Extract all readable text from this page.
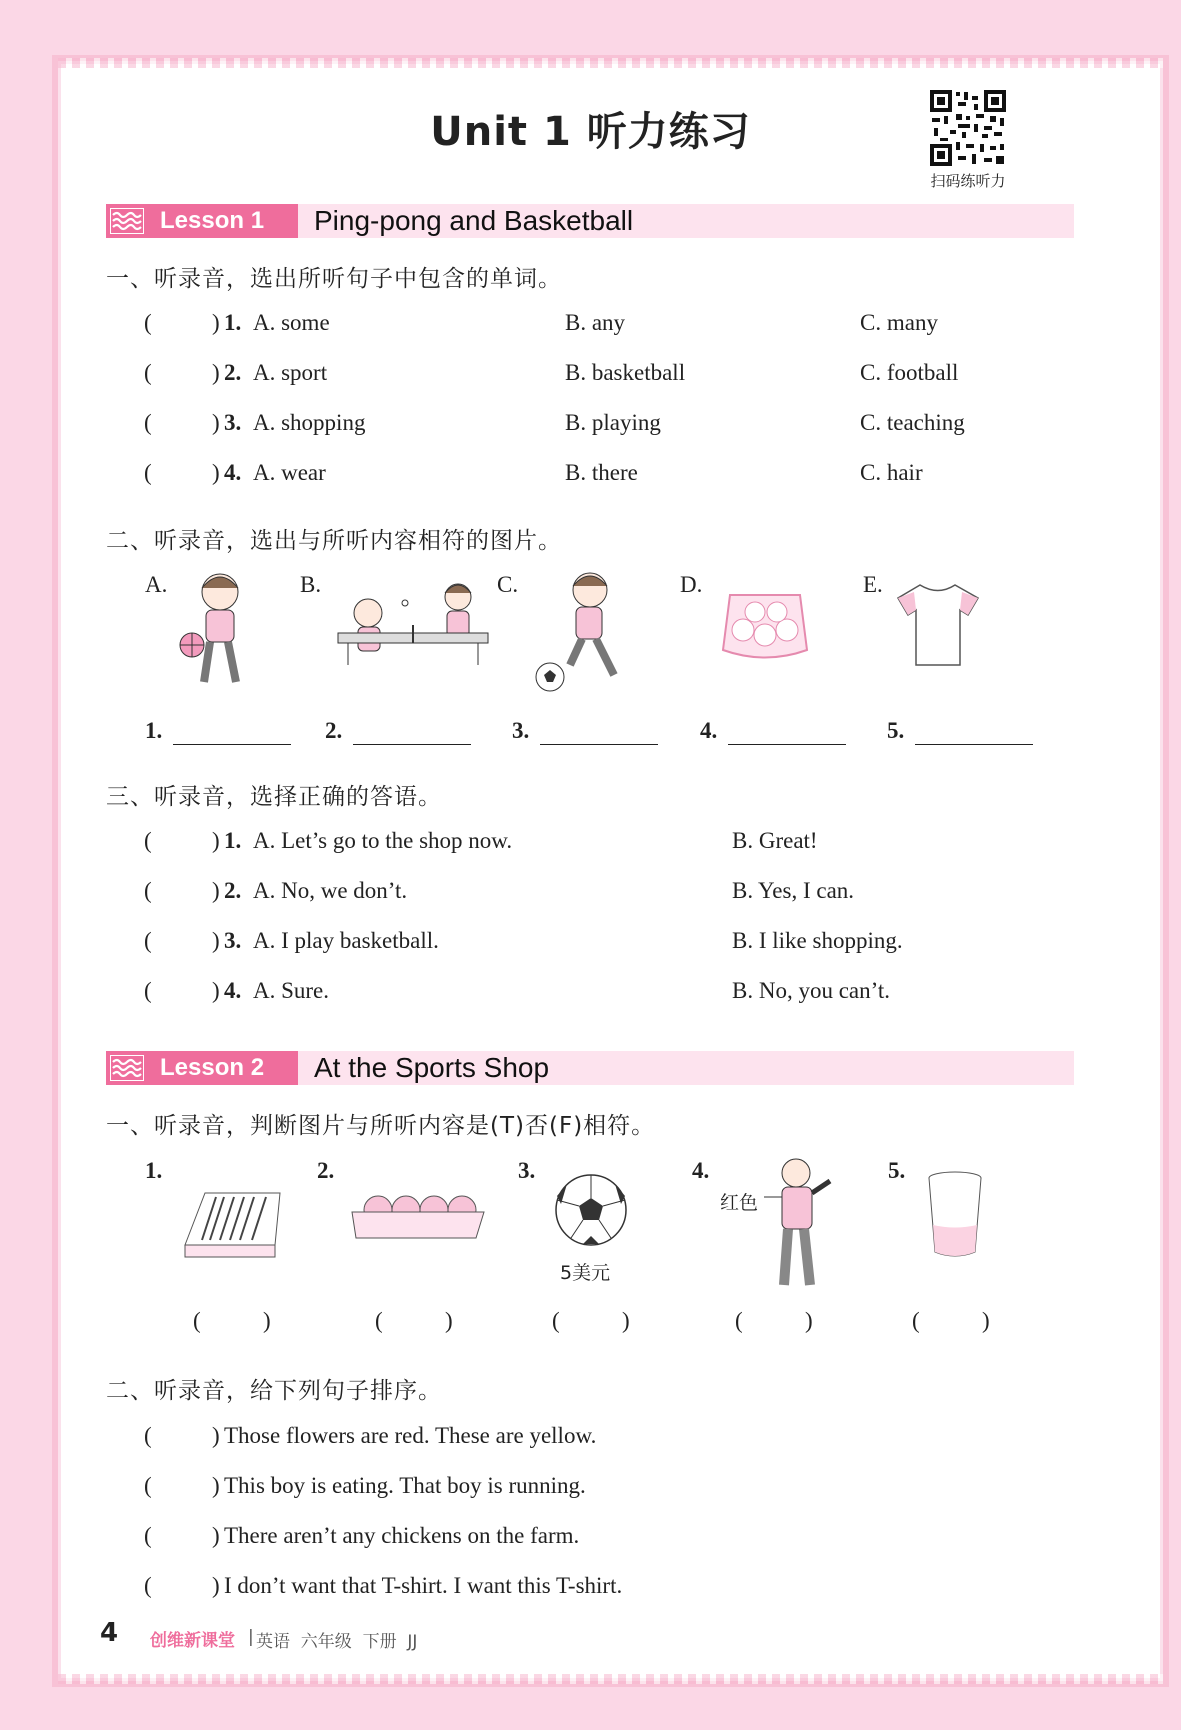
Unit 1 听力练习
扫码练听力
Lesson 1 Ping-pong and Basketball
一、听录音，选出所听句子中包含的单词。
(	) 1. A. some	B. any	C. many
(	) 2. A. sport	B. basketball	C. football
(	) 3. A. shopping	B. playing	C. teaching
(	) 4. A. wear	B. there	C. hair
二、听录音，选出与所听内容相符的图片。
A.	B.	C.	D.	E.
1.	2.	3.	4.	5.
三、听录音，选择正确的答语。
(	) 1. A. Let’s go to the shop now.	B. Great!
(	) 2. A. No, we don’t.	B. Yes, I can.
(	) 3. A. I play basketball.	B. I like shopping.
(	) 4. A. Sure.	B. No, you can’t.
Lesson 2 At the Sports Shop
一、听录音，判断图片与所听内容是(T)否(F)相符。
1.	2.	3.	4.	5.
5美元
红色
(	)	(	)	(	)	(	)	(	)
二、听录音，给下列句子排序。
(	) Those flowers are red. These are yellow.
(	) This boy is eating. That boy is running.
(	) There aren’t any chickens on the farm.
(	) I don’t want that T-shirt. I want this T-shirt.
4 创维新课堂 | 英语  六年级  下册  JJ
